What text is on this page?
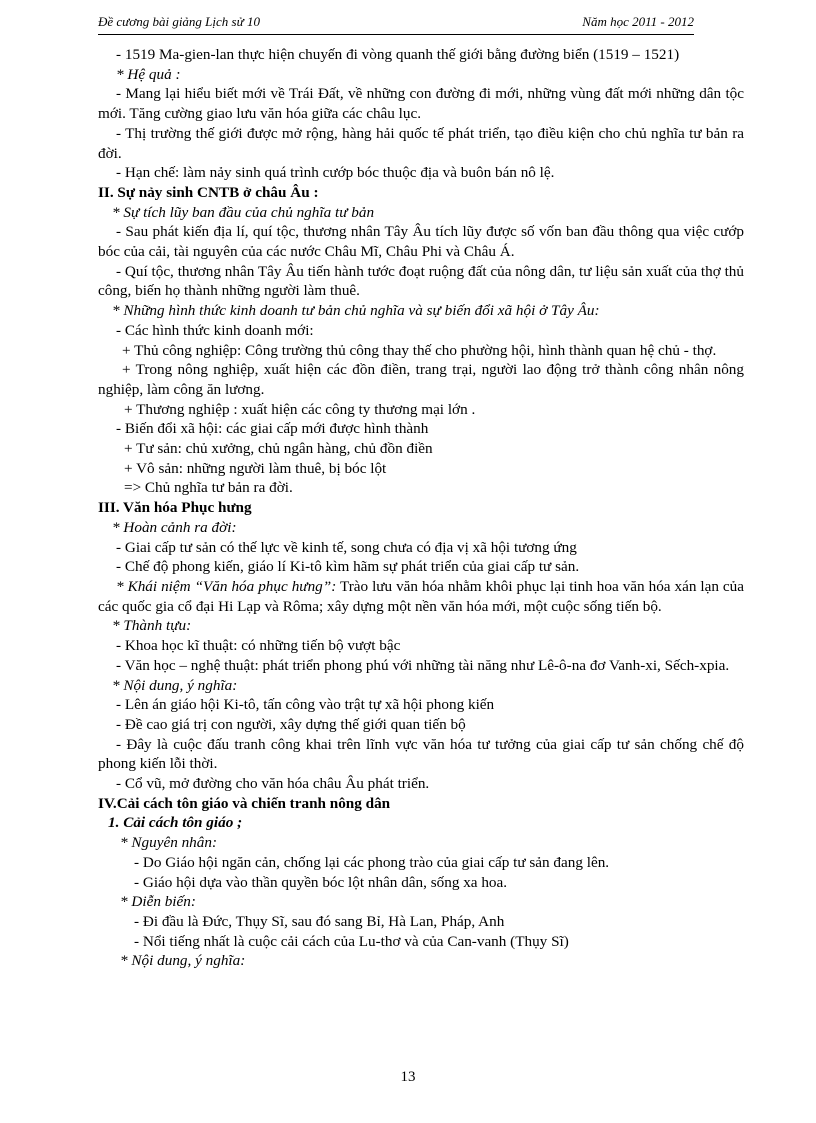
Đề cương bài giảng Lịch sử 10	Năm học 2011 - 2012

- 1519 Ma-gien-lan thực hiện chuyến đi vòng quanh thế giới bằng đường biển (1519 – 1521)

* Hệ quả :

- Mang lại hiểu biết mới về Trái Đất, về những con đường đi mới, những vùng đất mới những dân tộc mới. Tăng cường giao lưu văn hóa giữa các châu lục.

- Thị trường thế giới được mở rộng, hàng hải quốc tế phát triển, tạo điều kiện cho chủ nghĩa tư bản ra đời.

- Hạn chế: làm nảy sinh quá trình cướp bóc thuộc địa và buôn bán nô lệ.

II. Sự nảy sinh CNTB ở châu Âu :

* Sự tích lũy ban đầu của chủ nghĩa tư bản

- Sau phát kiến địa lí, quí tộc, thương nhân Tây Âu tích lũy được số vốn ban đầu thông qua việc cướp bóc của cải, tài nguyên của các nước Châu Mĩ, Châu Phi và Châu Á.

- Quí tộc, thương nhân Tây Âu tiến hành tước đoạt ruộng đất của nông dân, tư liệu sản xuất của thợ thủ công, biến họ thành những người làm thuê.

* Những hình thức kinh doanh tư bản chủ nghĩa và sự biến đổi xã hội ở Tây Âu:

- Các hình thức kinh doanh mới:

+ Thủ công nghiệp: Công trường thủ công thay thế cho phường hội, hình thành quan hệ chủ - thợ.

+ Trong nông nghiệp, xuất hiện các đồn điền, trang trại, người lao động trở thành công nhân nông nghiệp, làm công ăn lương.

+ Thương nghiệp : xuất hiện các công ty thương mại lớn .

- Biến đổi xã hội: các giai cấp mới được hình thành

+ Tư sản: chủ xưởng, chủ ngân hàng, chủ đồn điền

+ Vô sản: những người làm thuê, bị bóc lột

=> Chủ nghĩa tư bản ra đời.

III. Văn hóa Phục hưng

* Hoàn cảnh ra đời:

- Giai cấp tư sản có thế lực về kinh tế, song chưa có địa vị xã hội tương ứng

- Chế độ phong kiến, giáo lí Ki-tô kìm hãm sự phát triển của giai cấp tư sản.

* Khái niệm “Văn hóa phục hưng”: Trào lưu văn hóa nhằm khôi phục lại tinh hoa văn hóa xán lạn của các quốc gia cổ đại Hi Lạp và Rôma; xây dựng một nền văn hóa mới, một cuộc sống tiến bộ.

* Thành tựu:

- Khoa học kĩ thuật: có những tiến bộ vượt bậc

- Văn học – nghệ thuật: phát triển phong phú với những tài năng như Lê-ô-na đơ Vanh-xi, Sếch-xpia.

* Nội dung, ý nghĩa:

- Lên án giáo hội Ki-tô, tấn công vào trật tự xã hội phong kiến

- Đề cao giá trị con người, xây dựng thế giới quan tiến bộ

- Đây là cuộc đấu tranh công khai trên lĩnh vực văn hóa tư tưởng của giai cấp tư sản chống chế độ phong kiến lỗi thời.

- Cổ vũ, mở đường cho văn hóa châu Âu phát triển.

IV.Cải cách tôn giáo và chiến tranh nông dân

1. Cải cách tôn giáo ;

* Nguyên nhân:

- Do Giáo hội ngăn cản, chống lại các phong trào của giai cấp tư sản đang lên.

- Giáo hội dựa vào thần quyền bóc lột nhân dân, sống xa hoa.

* Diễn biến:

- Đi đầu là Đức, Thụy Sĩ, sau đó sang Bỉ, Hà Lan, Pháp, Anh

- Nổi tiếng nhất là cuộc cải cách của Lu-thơ và của Can-vanh (Thụy Sĩ)

* Nội dung, ý nghĩa:

13
